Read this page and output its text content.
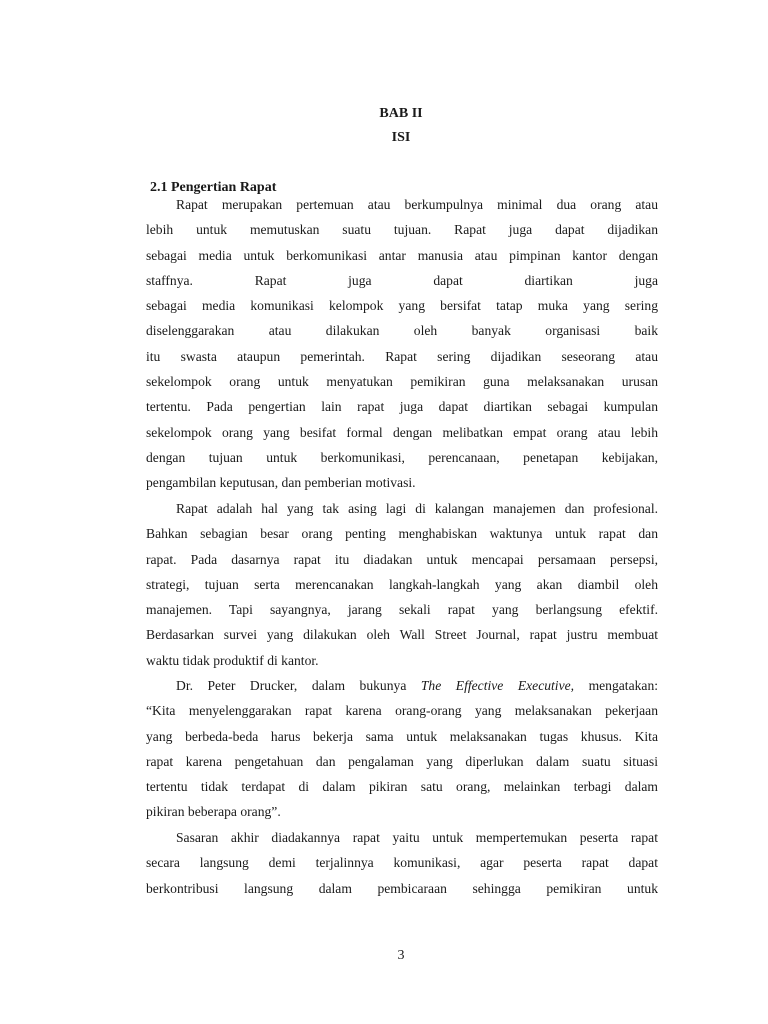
BAB II
ISI
2.1 Pengertian Rapat
Rapat merupakan pertemuan atau berkumpulnya minimal dua orang atau
lebih untuk memutuskan suatu tujuan. Rapat juga dapat dijadikan
sebagai media untuk berkomunikasi antar manusia atau pimpinan kantor dengan
staffnya. Rapat juga dapat diartikan juga
sebagai media komunikasi kelompok yang bersifat tatap muka yang sering
diselenggarakan atau dilakukan oleh banyak organisasi baik
itu swasta ataupun pemerintah. Rapat sering dijadikan seseorang atau
sekelompok orang untuk menyatukan pemikiran guna melaksanakan urusan
tertentu. Pada pengertian lain rapat juga dapat diartikan sebagai kumpulan
sekelompok orang yang besifat formal dengan melibatkan empat orang atau lebih
dengan tujuan untuk berkomunikasi, perencanaan, penetapan kebijakan,
pengambilan keputusan, dan pemberian motivasi.
Rapat adalah hal yang tak asing lagi di kalangan manajemen dan profesional.
Bahkan sebagian besar orang penting menghabiskan waktunya untuk rapat dan
rapat. Pada dasarnya rapat itu diadakan untuk mencapai persamaan persepsi,
strategi, tujuan serta merencanakan langkah-langkah yang akan diambil oleh
manajemen. Tapi sayangnya, jarang sekali rapat yang berlangsung efektif.
Berdasarkan survei yang dilakukan oleh Wall Street Journal, rapat justru membuat
waktu tidak produktif di kantor.
Dr. Peter Drucker, dalam bukunya The Effective Executive, mengatakan:
“Kita menyelenggarakan rapat karena orang-orang yang melaksanakan pekerjaan
yang berbeda-beda harus bekerja sama untuk melaksanakan tugas khusus. Kita
rapat karena pengetahuan dan pengalaman yang diperlukan dalam suatu situasi
tertentu tidak terdapat di dalam pikiran satu orang, melainkan terbagi dalam
pikiran beberapa orang”.
Sasaran akhir diadakannya rapat yaitu untuk mempertemukan peserta rapat
secara langsung demi terjalinnya komunikasi, agar peserta rapat dapat
berkontribusi langsung dalam pembicaraan sehingga pemikiran untuk
3
